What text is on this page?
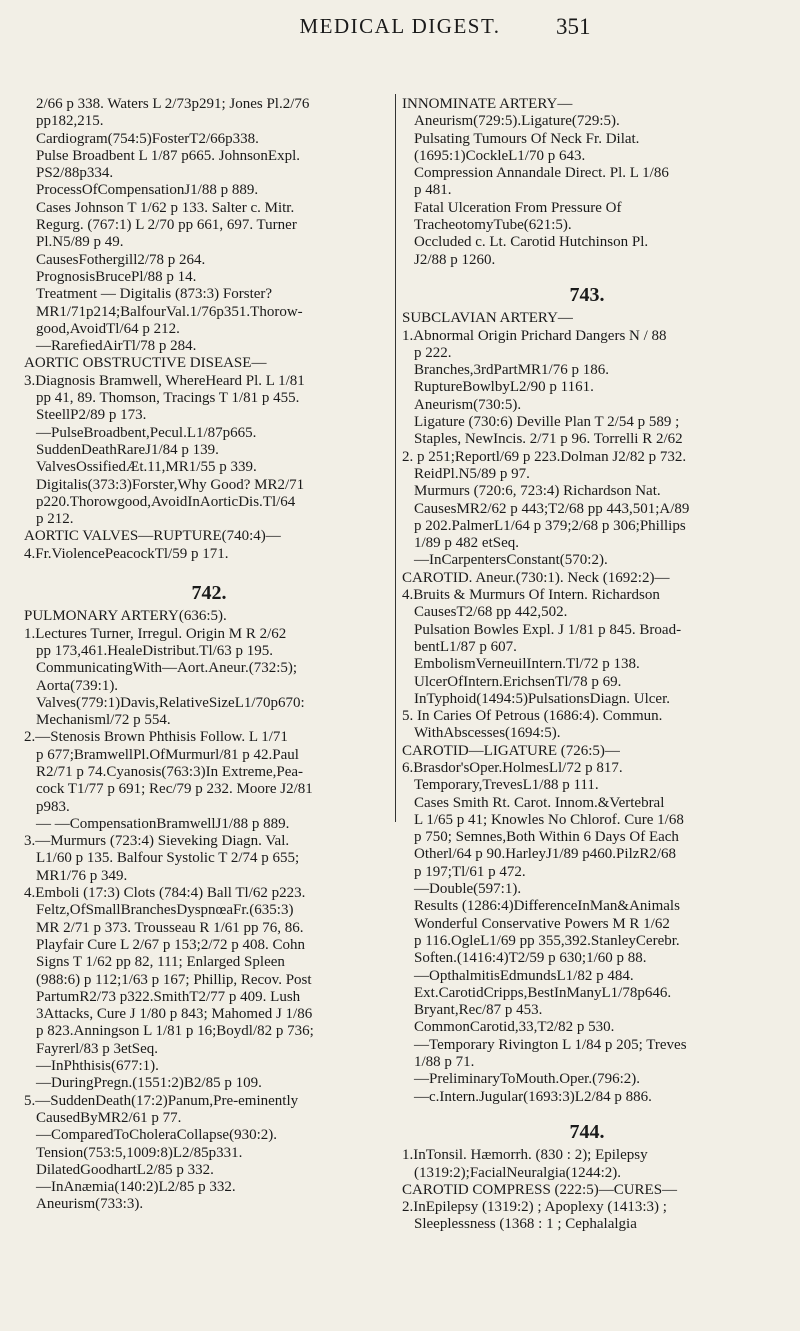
MEDICAL DIGEST.	351
2/66 p 338. Waters L 2/73p291; Jones Pl.2/76
pp182,215.
Cardiogram(754:5)FosterT2/66p338.
Pulse Broadbent L 1/87 p665. JohnsonExpl.
PS2/88p334.
ProcessOfCompensationJ1/88 p 889.
Cases Johnson T 1/62 p 133. Salter c. Mitr.
Regurg. (767:1) L 2/70 pp 661, 697. Turner
Pl.N5/89 p 49.
CausesFothergill2/78 p 264.
PrognosisBrucePl/88 p 14.
Treatment — Digitalis (873:3) Forster?
MR1/71p214;BalfourVal.1/76p351.Thorow-
good,AvoidTl/64 p 212.
—RarefiedAirTl/78 p 284.
AORTIC OBSTRUCTIVE DISEASE—
3.Diagnosis Bramwell, WhereHeard Pl. L 1/81
pp 41, 89. Thomson, Tracings T 1/81 p 455.
SteellP2/89 p 173.
—PulseBroadbent,Pecul.L1/87p665.
SuddenDeathRareJ1/84 p 139.
ValvesOssifiedÆt.11,MR1/55 p 339.
Digitalis(373:3)Forster,Why Good? MR2/71
p220.Thorowgood,AvoidInAorticDis.Tl/64
p 212.
AORTIC VALVES—RUPTURE(740:4)—
4.Fr.ViolencePeacockTl/59 p 171.
742.
PULMONARY ARTERY(636:5).
1.Lectures Turner, Irregul. Origin M R 2/62
pp 173,461.HealeDistribut.Tl/63 p 195.
CommunicatingWith—Aort.Aneur.(732:5);
Aorta(739:1).
Valves(779:1)Davis,RelativeSizeL1/70p670:
Mechanisml/72 p 554.
2.—Stenosis Brown Phthisis Follow. L 1/71
p 677;BramwellPl.OfMurmurl/81 p 42.Paul
R2/71 p 74.Cyanosis(763:3)In Extreme,Pea-
cock T1/77 p 691; Rec/79 p 232. Moore J2/81
p983.
— —CompensationBramwellJ1/88 p 889.
3.—Murmurs (723:4) Sieveking Diagn. Val.
L1/60 p 135. Balfour Systolic T 2/74 p 655;
MR1/76 p 349.
4.Emboli (17:3) Clots (784:4) Ball Tl/62 p223.
Feltz,OfSmallBranchesDyspnœaFr.(635:3)
MR 2/71 p 373. Trousseau R 1/61 pp 76, 86.
Playfair Cure L 2/67 p 153;2/72 p 408. Cohn
Signs T 1/62 pp 82, 111; Enlarged Spleen
(988:6) p 112;1/63 p 167; Phillip, Recov. Post
PartumR2/73 p322.SmithT2/77 p 409. Lush
3Attacks, Cure J 1/80 p 843; Mahomed J 1/86
p 823.Anningson L 1/81 p 16;Boydl/82 p 736;
Fayrerl/83 p 3etSeq.
—InPhthisis(677:1).
—DuringPregn.(1551:2)B2/85 p 109.
5.—SuddenDeath(17:2)Panum,Pre-eminently
CausedByMR2/61 p 77.
—ComparedToCholeraCollapse(930:2).
Tension(753:5,1009:8)L2/85p331.
DilatedGoodhartL2/85 p 332.
—InAnæmia(140:2)L2/85 p 332.
Aneurism(733:3).
INNOMINATE ARTERY—
Aneurism(729:5).Ligature(729:5).
Pulsating Tumours Of Neck Fr. Dilat.
(1695:1)CockleL1/70 p 643.
Compression Annandale Direct. Pl. L 1/86
p 481.
Fatal Ulceration From Pressure Of
TracheotomyTube(621:5).
Occluded c. Lt. Carotid Hutchinson Pl.
J2/88 p 1260.
743.
SUBCLAVIAN ARTERY—
1.Abnormal Origin Prichard Dangers N / 88
p 222.
Branches,3rdPartMR1/76 p 186.
RuptureBowlbyL2/90 p 1161.
Aneurism(730:5).
Ligature (730:6) Deville Plan T 2/54 p 589 ;
Staples, NewIncis. 2/71 p 96. Torrelli R 2/62
2. p 251;Reportl/69 p 223.Dolman J2/82 p 732.
ReidPl.N5/89 p 97.
Murmurs (720:6, 723:4) Richardson Nat.
CausesMR2/62 p 443;T2/68 pp 443,501;A/89
p 202.PalmerL1/64 p 379;2/68 p 306;Phillips
1/89 p 482 etSeq.
—InCarpentersConstant(570:2).
CAROTID. Aneur.(730:1). Neck (1692:2)—
4.Bruits & Murmurs Of Intern. Richardson
CausesT2/68 pp 442,502.
Pulsation Bowles Expl. J 1/81 p 845. Broad-
bentL1/87 p 607.
EmbolismVerneuilIntern.Tl/72 p 138.
UlcerOfIntern.ErichsenTl/78 p 69.
InTyphoid(1494:5)PulsationsDiagn. Ulcer.
5. In Caries Of Petrous (1686:4). Commun.
WithAbscesses(1694:5).
CAROTID—LIGATURE (726:5)—
6.Brasdor'sOper.HolmesLl/72 p 817.
Temporary,TrevesL1/88 p 111.
Cases Smith Rt. Carot. Innom.&Vertebral
L 1/65 p 41; Knowles No Chlorof. Cure 1/68
p 750; Semnes,Both Within 6 Days Of Each
Otherl/64 p 90.HarleyJ1/89 p460.PilzR2/68
p 197;Tl/61 p 472.
—Double(597:1).
Results (1286:4)DifferenceInMan&Animals
Wonderful Conservative Powers M R 1/62
p 116.OgleL1/69 pp 355,392.StanleyCerebr.
Soften.(1416:4)T2/59 p 630;1/60 p 88.
—OpthalmitisEdmundsL1/82 p 484.
Ext.CarotidCripps,BestInManyL1/78p646.
Bryant,Rec/87 p 453.
CommonCarotid,33,T2/82 p 530.
—Temporary Rivington L 1/84 p 205; Treves
1/88 p 71.
—PreliminaryToMouth.Oper.(796:2).
—c.Intern.Jugular(1693:3)L2/84 p 886.
744.
1.InTonsil. Hæmorrh. (830 : 2); Epilepsy
(1319:2);FacialNeuralgia(1244:2).
CAROTID COMPRESS (222:5)—CURES—
2.InEpilepsy (1319:2) ; Apoplexy (1413:3) ;
Sleeplessness (1368 : 1 ; Cephalalgia
